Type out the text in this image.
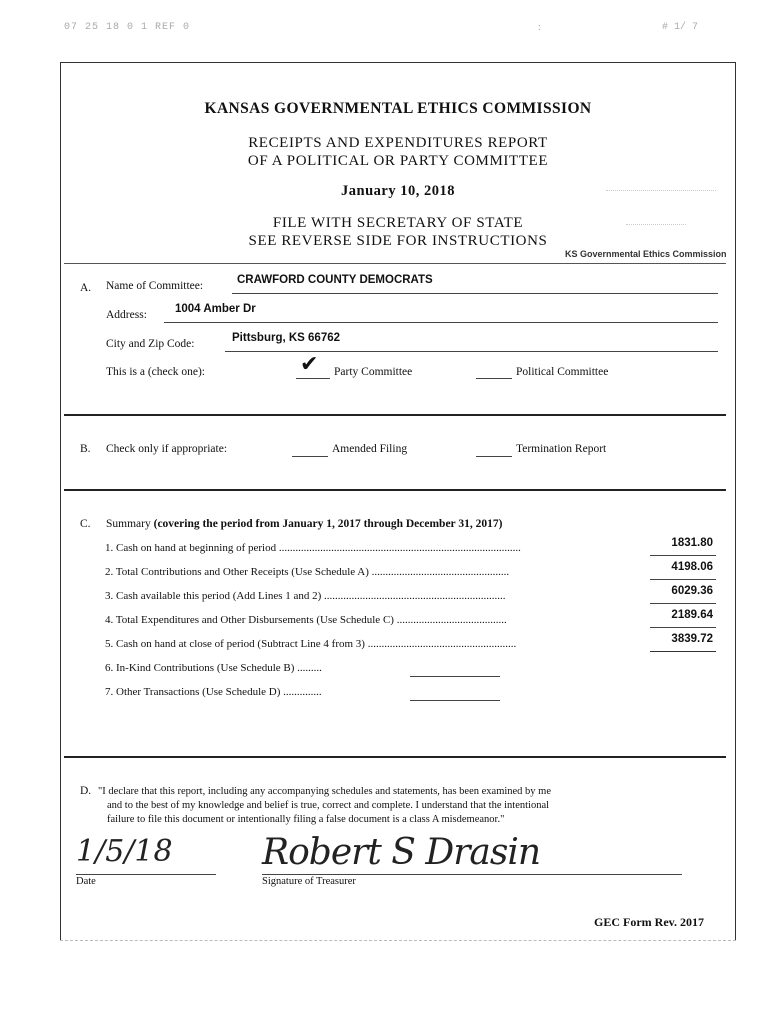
07 25 18 0 1 REF 0	:	# 1/ 7
KANSAS GOVERNMENTAL ETHICS COMMISSION
RECEIPTS AND EXPENDITURES REPORT
OF A POLITICAL OR PARTY COMMITTEE
January 10, 2018
FILE WITH SECRETARY OF STATE
SEE REVERSE SIDE FOR INSTRUCTIONS
KS Governmental Ethics Commission
A. Name of Committee:	CRAWFORD COUNTY DEMOCRATS
Address: 1004 Amber Dr
City and Zip Code:	Pittsburg, KS 66762
This is a (check one):	✔ Party Committee	Political Committee
B. Check only if appropriate:	Amended Filing	Termination Report
C. Summary (covering the period from January 1, 2017 through December 31, 2017)
1. Cash on hand at beginning of period ........................................................................................	1831.80
2. Total Contributions and Other Receipts (Use Schedule A) ..................................................	4198.06
3. Cash available this period (Add Lines 1 and 2) ..................................................................	6029.36
4. Total Expenditures and Other Disbursements (Use Schedule C) ........................................	2189.64
5. Cash on hand at close of period (Subtract Line 4 from 3) ......................................................	3839.72
6. In-Kind Contributions (Use Schedule B) .........
7. Other Transactions (Use Schedule D) ..............
D. "I declare that this report, including any accompanying schedules and statements, has been examined by me
and to the best of my knowledge and belief is true, correct and complete. I understand that the intentional
failure to file this document or intentionally filing a false document is a class A misdemeanor."
1/5/18
Date
Robert S Drasin
Signature of Treasurer
GEC Form Rev. 2017
